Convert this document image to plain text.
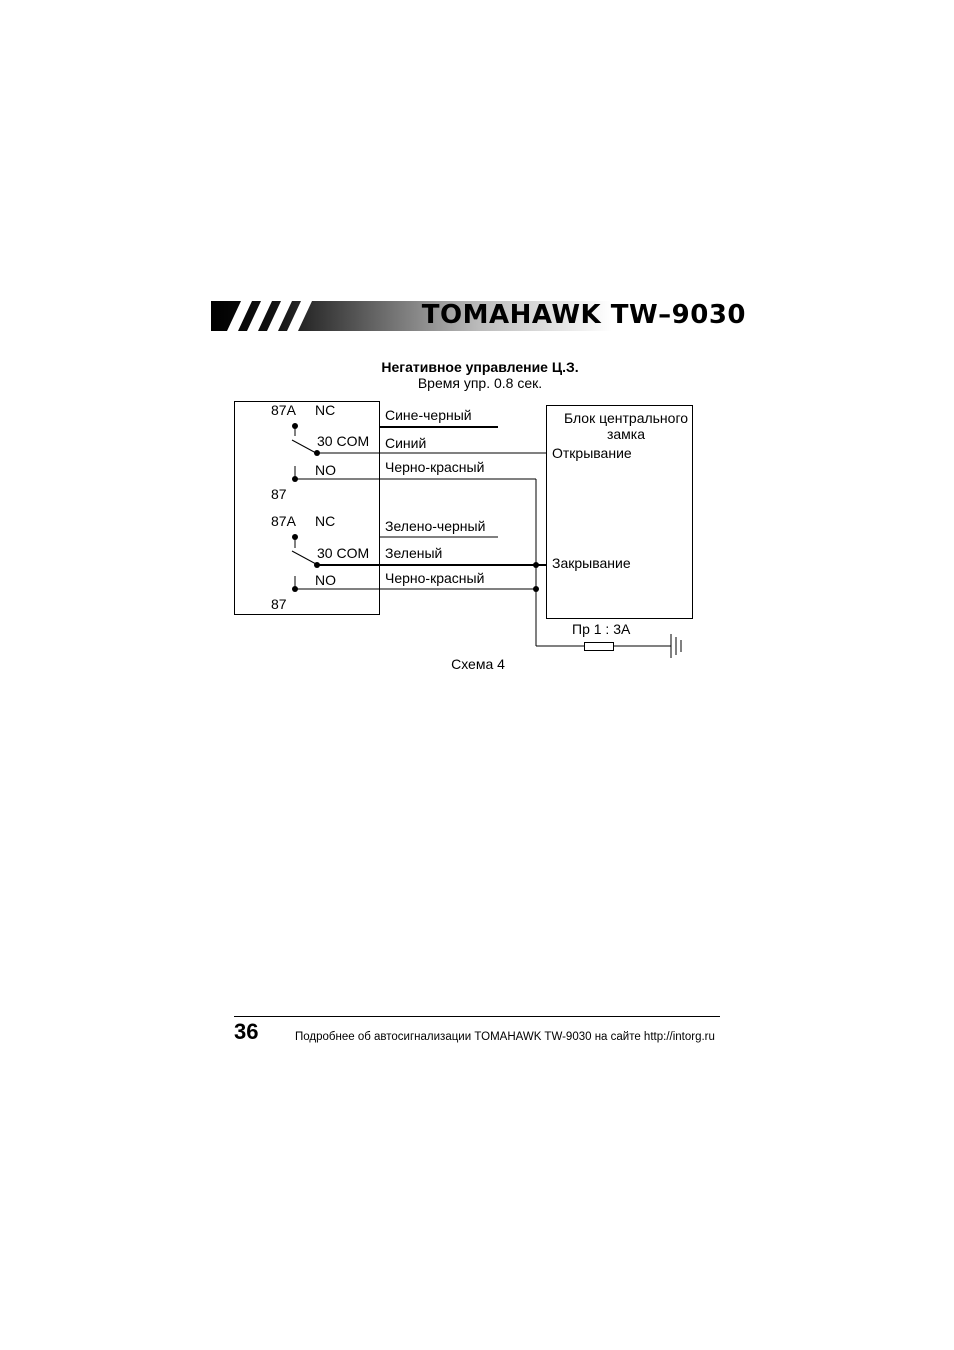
TOMAHAWK TW–9030
Негативное управление Ц.З.
Время упр. 0.8 сек.
87A NC
30 COM
NO
87
87A NC
30 COM
NO
87
Сине-черный
Синий
Черно-красный
Зелено-черный
Зеленый
Черно-красный
Блок центрального
замка
Открывание
Закрывание
Пр 1 : 3А
Схема 4
36	Подробнее об автосигнализации TOMAHAWK TW-9030 на сайте http://intorg.ru
